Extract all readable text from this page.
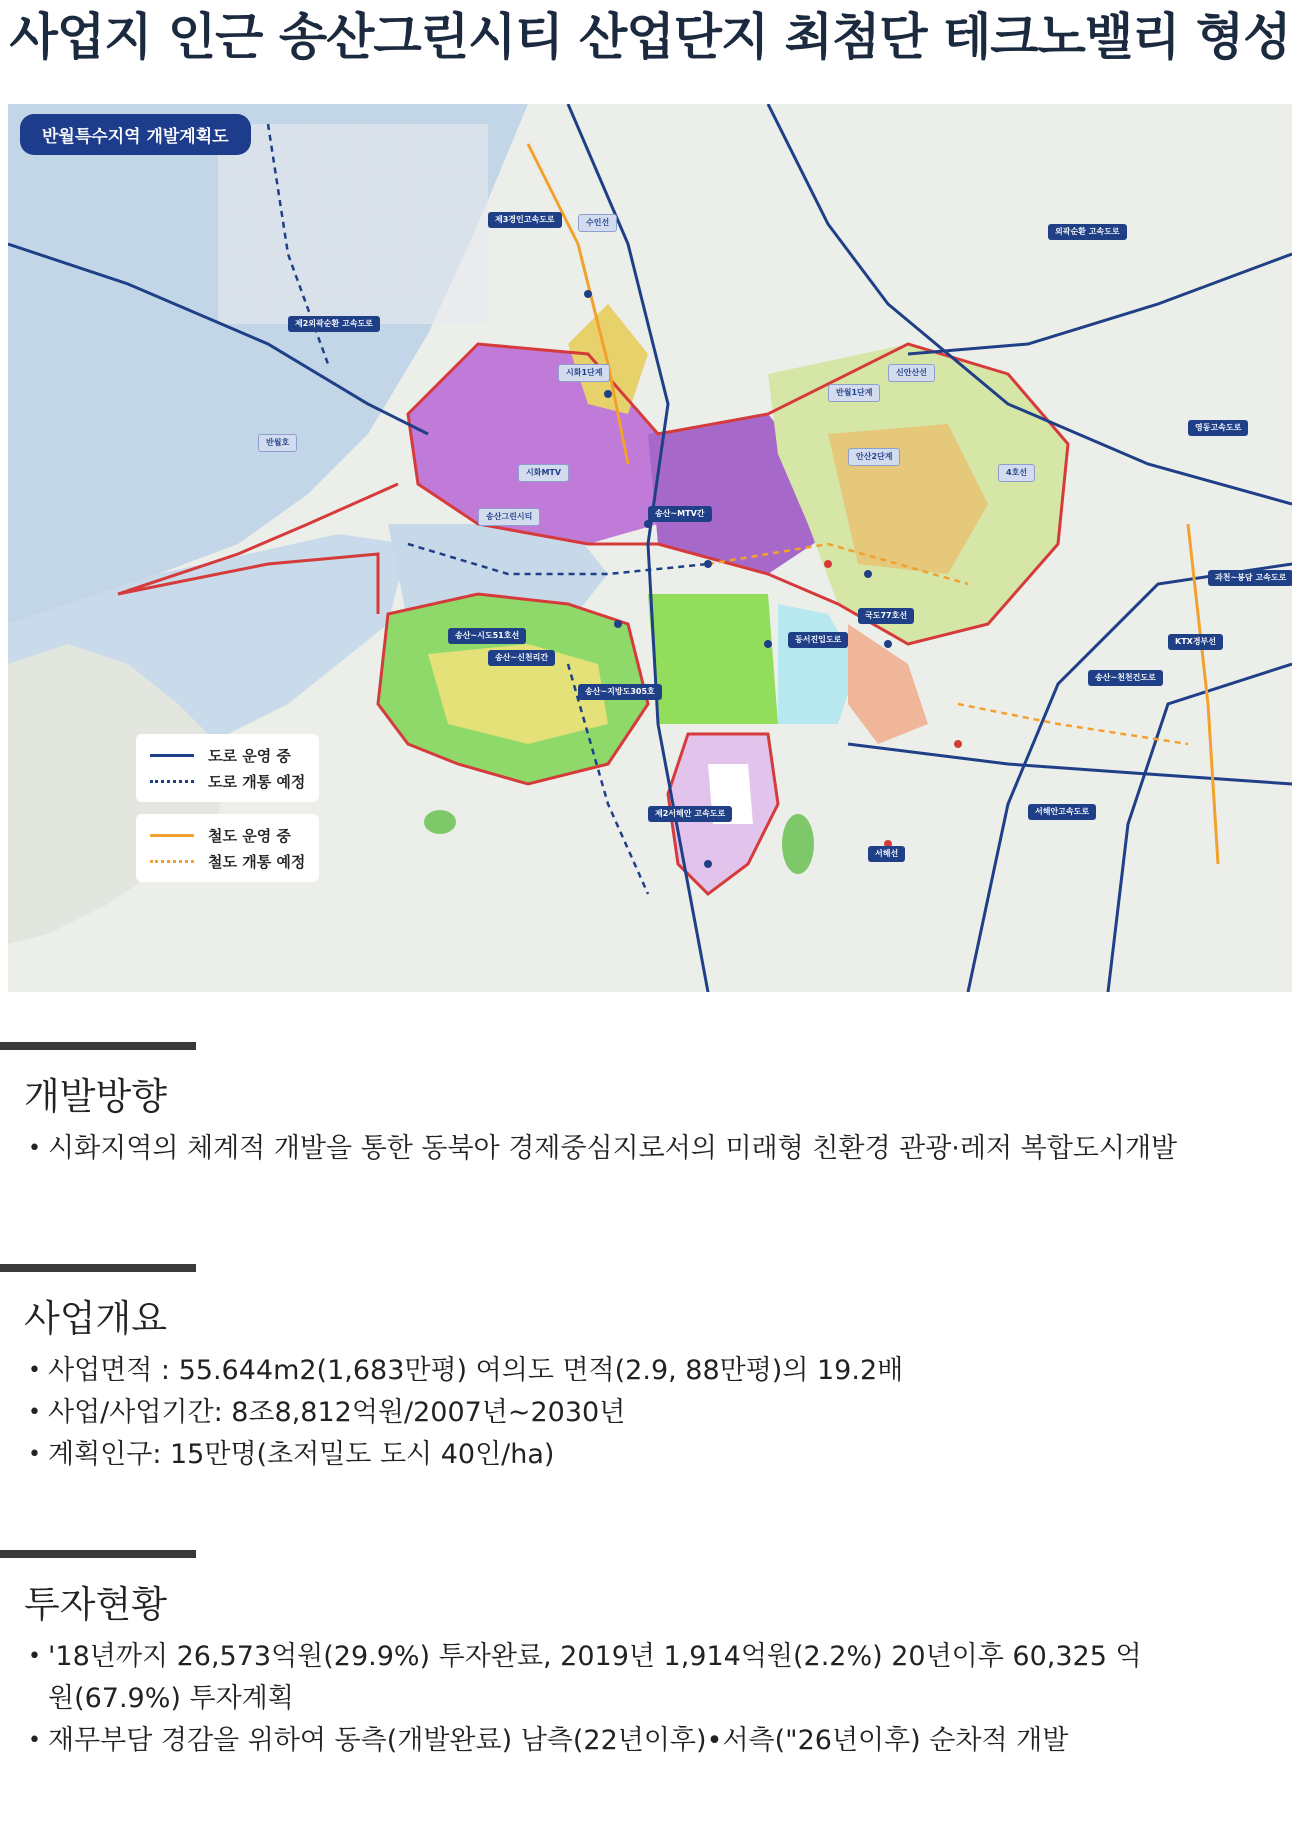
사업지 인근 송산그린시티 산업단지 최첨단 테크노밸리 형성
반월특수지역 개발계획도
제3경인고속도로
제2외곽순환 고속도로
외곽순환 고속도로
영동고속도로
서해안고속도로
제2서해안 고속도로
과천~봉담 고속도로
KTX경부선
수인선
신안산선
4호선
서해선
시화1단계
시화MTV
송산~MTV간
송산그린시티
반월1단계
안산2단계
반월호
송산~시도51호선
송산~신천리간
송산~지방도305호
국도77호선
동서진입도로
송산~천천건도로
도로 운영 중
도로 개통 예정
철도 운영 중
철도 개통 예정
개발방향
• 시화지역의 체계적 개발을 통한 동북아 경제중심지로서의 미래형 친환경 관광·레저 복합도시개발
사업개요
• 사업면적 : 55.644m2(1,683만평) 여의도 면적(2.9, 88만평)의 19.2배
• 사업/사업기간: 8조8,812억원/2007년~2030년
• 계획인구: 15만명(초저밀도 도시 40인/ha)
투자현황
• '18년까지 26,573억원(29.9%) 투자완료, 2019년 1,914억원(2.2%) 20년이후 60,325 억원(67.9%) 투자계획
• 재무부담 경감을 위하여 동측(개발완료) 남측(22년이후)•서측("26년이후) 순차적 개발
